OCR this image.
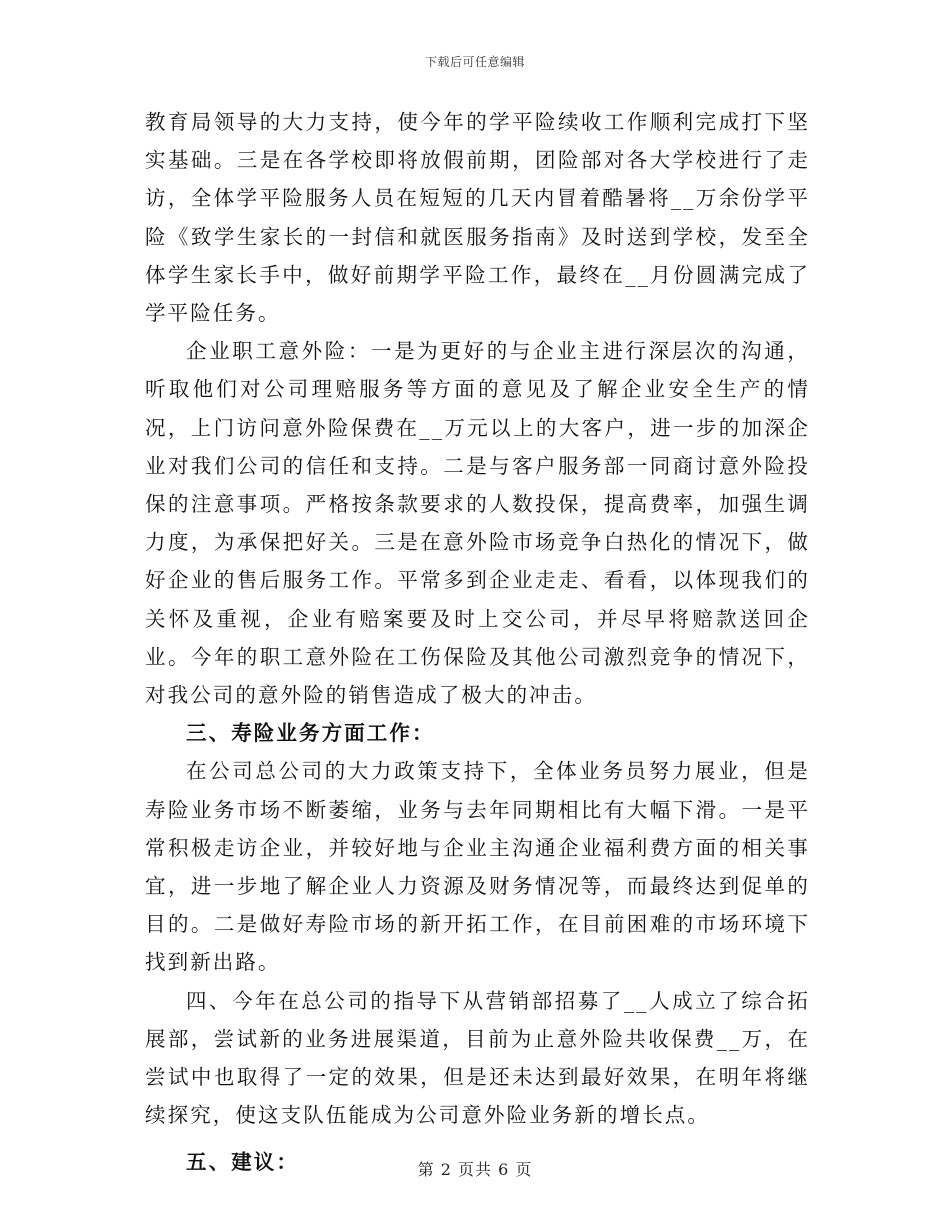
下载后可任意编辑

教育局领导的大力支持，使今年的学平险续收工作顺利完成打下坚实基础。三是在各学校即将放假前期，团险部对各大学校进行了走访，全体学平险服务人员在短短的几天内冒着酷暑将__万余份学平险《致学生家长的一封信和就医服务指南》及时送到学校，发至全体学生家长手中，做好前期学平险工作，最终在__月份圆满完成了学平险任务。

企业职工意外险：一是为更好的与企业主进行深层次的沟通，听取他们对公司理赔服务等方面的意见及了解企业安全生产的情况，上门访问意外险保费在__万元以上的大客户，进一步的加深企业对我们公司的信任和支持。二是与客户服务部一同商讨意外险投保的注意事项。严格按条款要求的人数投保，提高费率，加强生调力度，为承保把好关。三是在意外险市场竞争白热化的情况下，做好企业的售后服务工作。平常多到企业走走、看看，以体现我们的关怀及重视，企业有赔案要及时上交公司，并尽早将赔款送回企业。今年的职工意外险在工伤保险及其他公司激烈竞争的情况下，对我公司的意外险的销售造成了极大的冲击。

三、寿险业务方面工作：

在公司总公司的大力政策支持下，全体业务员努力展业，但是寿险业务市场不断萎缩，业务与去年同期相比有大幅下滑。一是平常积极走访企业，并较好地与企业主沟通企业福利费方面的相关事宜，进一步地了解企业人力资源及财务情况等，而最终达到促单的目的。二是做好寿险市场的新开拓工作，在目前困难的市场环境下找到新出路。

四、今年在总公司的指导下从营销部招募了__人成立了综合拓展部，尝试新的业务进展渠道，目前为止意外险共收保费__万，在尝试中也取得了一定的效果，但是还未达到最好效果，在明年将继续探究，使这支队伍能成为公司意外险业务新的增长点。

五、建议：	第 2 页共 6 页
